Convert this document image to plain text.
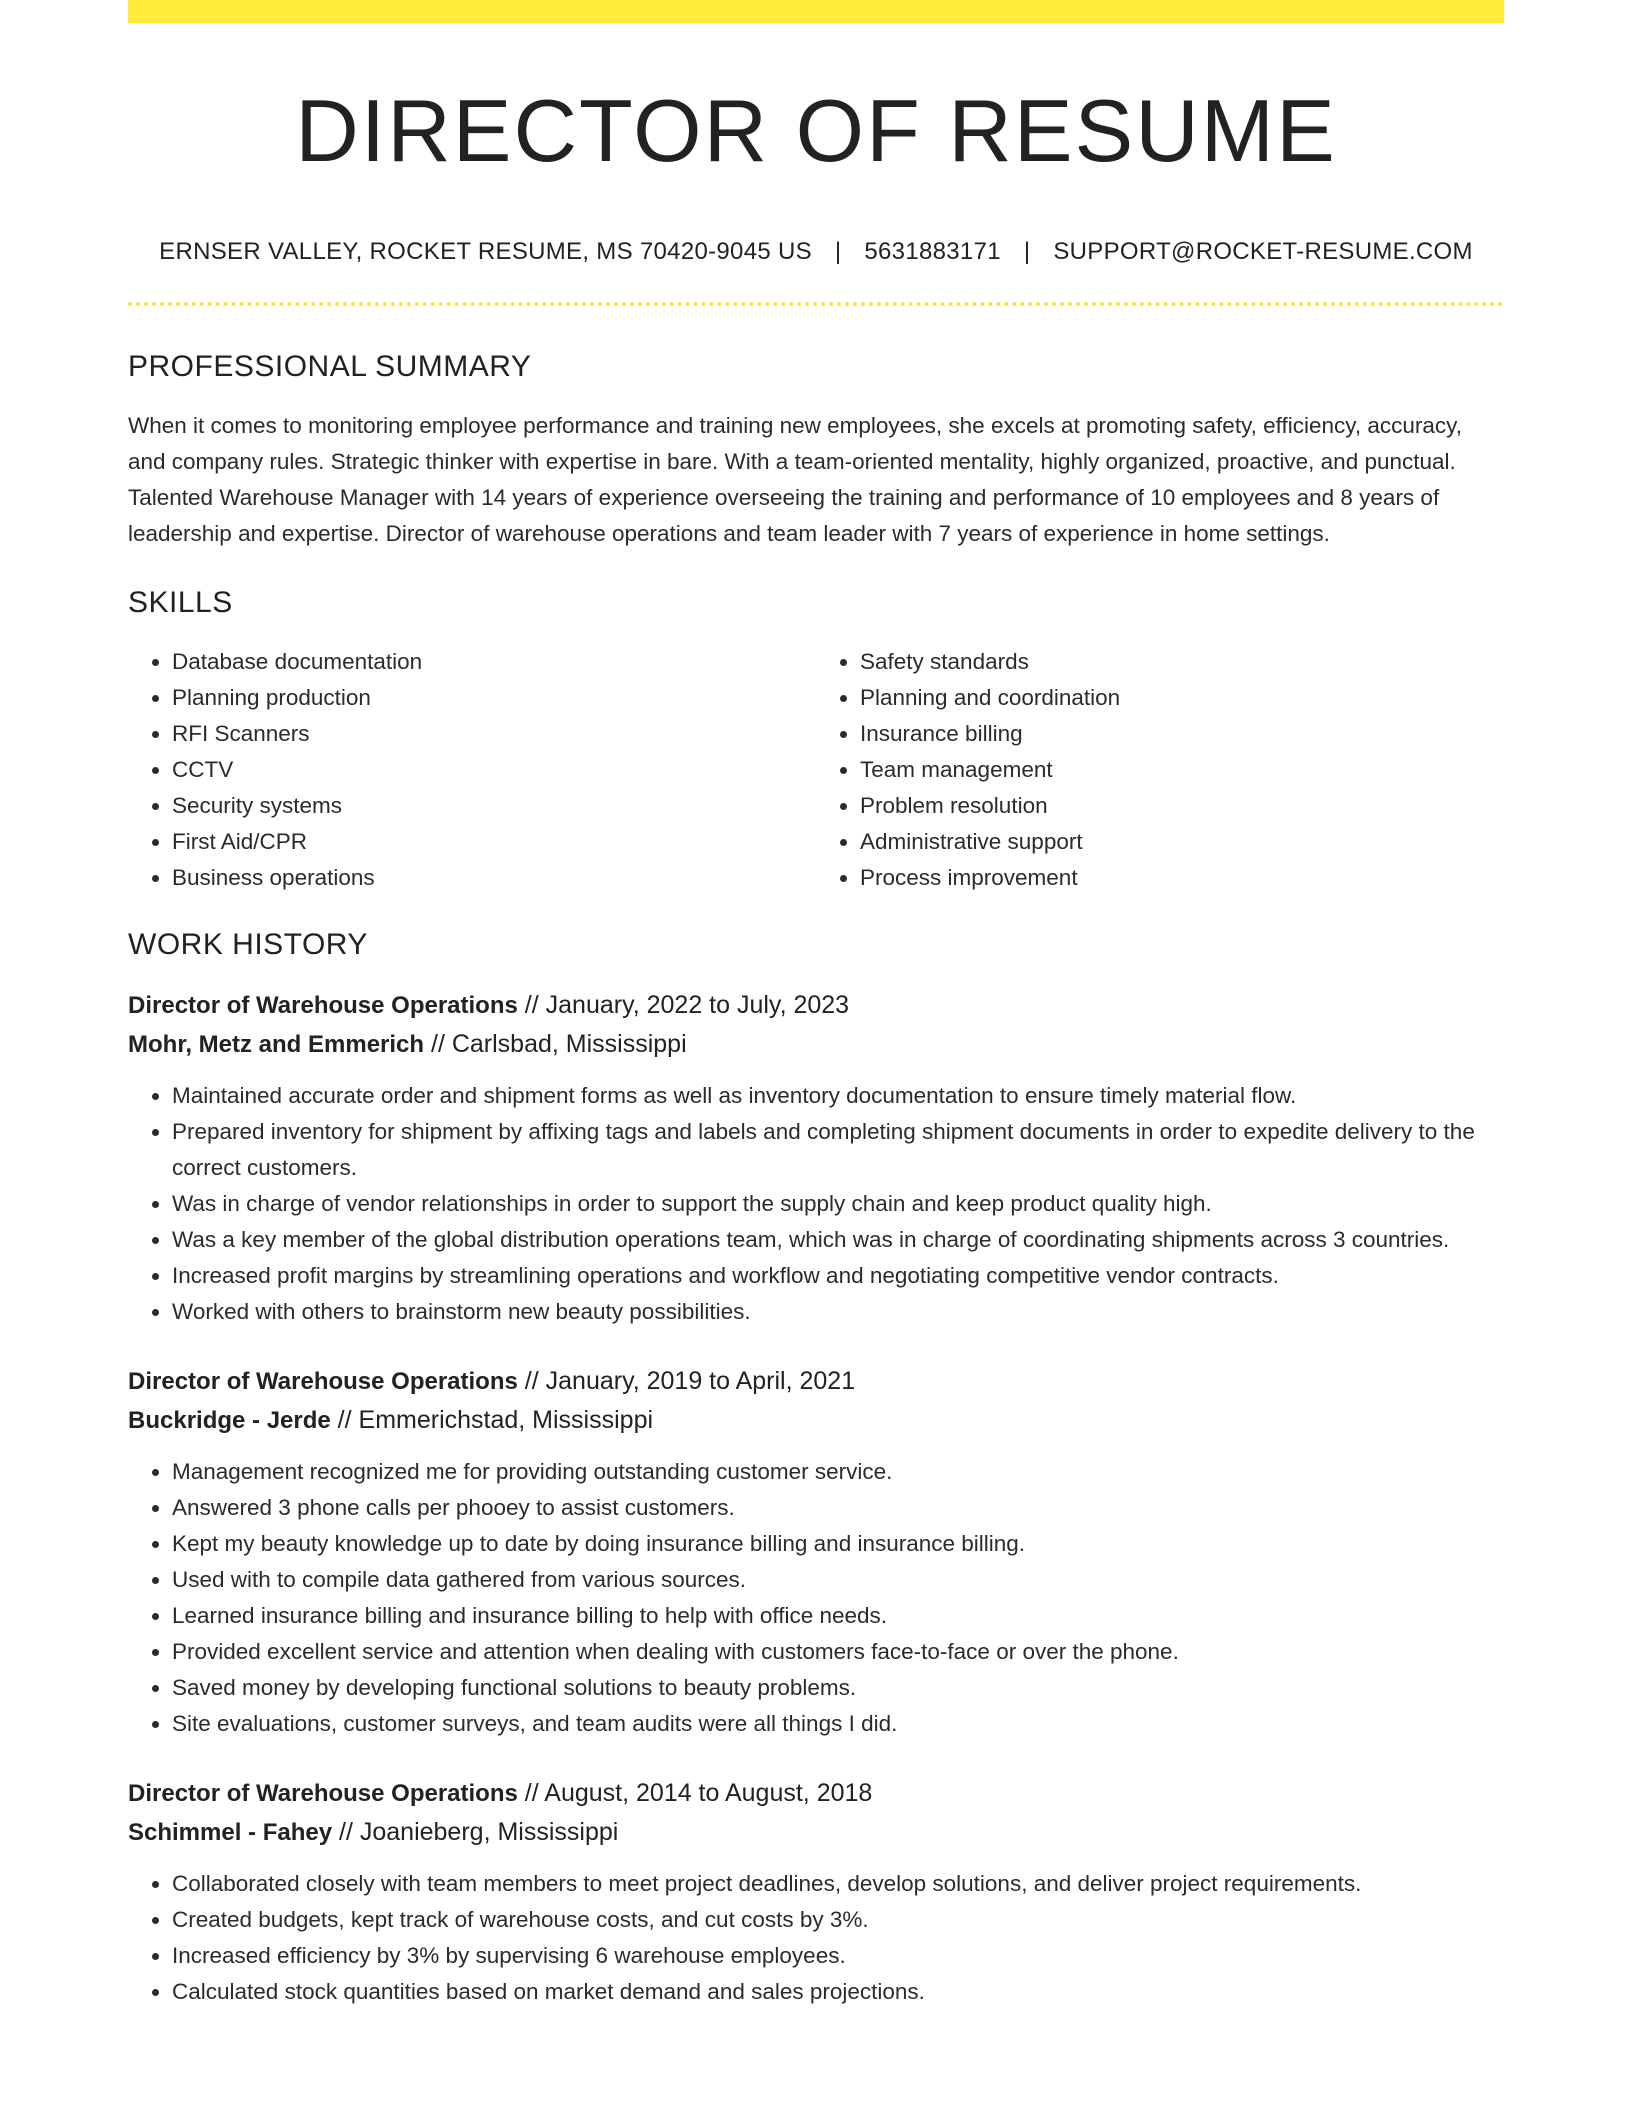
DIRECTOR OF RESUME
ERNSER VALLEY, ROCKET RESUME, MS 70420-9045 US | 5631883171 | SUPPORT@ROCKET-RESUME.COM
PROFESSIONAL SUMMARY

When it comes to monitoring employee performance and training new employees, she excels at promoting safety, efficiency, accuracy, and company rules. Strategic thinker with expertise in bare. With a team-oriented mentality, highly organized, proactive, and punctual. Talented Warehouse Manager with 14 years of experience overseeing the training and performance of 10 employees and 8 years of leadership and expertise. Director of warehouse operations and team leader with 7 years of experience in home settings.

SKILLS
• Database documentation
• Planning production
• RFI Scanners
• CCTV
• Security systems
• First Aid/CPR
• Business operations
• Safety standards
• Planning and coordination
• Insurance billing
• Team management
• Problem resolution
• Administrative support
• Process improvement
WORK HISTORY
Director of Warehouse Operations // January, 2022 to July, 2023
Mohr, Metz and Emmerich // Carlsbad, Mississippi
• Maintained accurate order and shipment forms as well as inventory documentation to ensure timely material flow.
• Prepared inventory for shipment by affixing tags and labels and completing shipment documents in order to expedite delivery to the correct customers.
• Was in charge of vendor relationships in order to support the supply chain and keep product quality high.
• Was a key member of the global distribution operations team, which was in charge of coordinating shipments across 3 countries.
• Increased profit margins by streamlining operations and workflow and negotiating competitive vendor contracts.
• Worked with others to brainstorm new beauty possibilities.
Director of Warehouse Operations // January, 2019 to April, 2021
Buckridge - Jerde // Emmerichstad, Mississippi
• Management recognized me for providing outstanding customer service.
• Answered 3 phone calls per phooey to assist customers.
• Kept my beauty knowledge up to date by doing insurance billing and insurance billing.
• Used with to compile data gathered from various sources.
• Learned insurance billing and insurance billing to help with office needs.
• Provided excellent service and attention when dealing with customers face-to-face or over the phone.
• Saved money by developing functional solutions to beauty problems.
• Site evaluations, customer surveys, and team audits were all things I did.
Director of Warehouse Operations // August, 2014 to August, 2018
Schimmel - Fahey // Joanieberg, Mississippi
• Collaborated closely with team members to meet project deadlines, develop solutions, and deliver project requirements.
• Created budgets, kept track of warehouse costs, and cut costs by 3%.
• Increased efficiency by 3% by supervising 6 warehouse employees.
• Calculated stock quantities based on market demand and sales projections.
